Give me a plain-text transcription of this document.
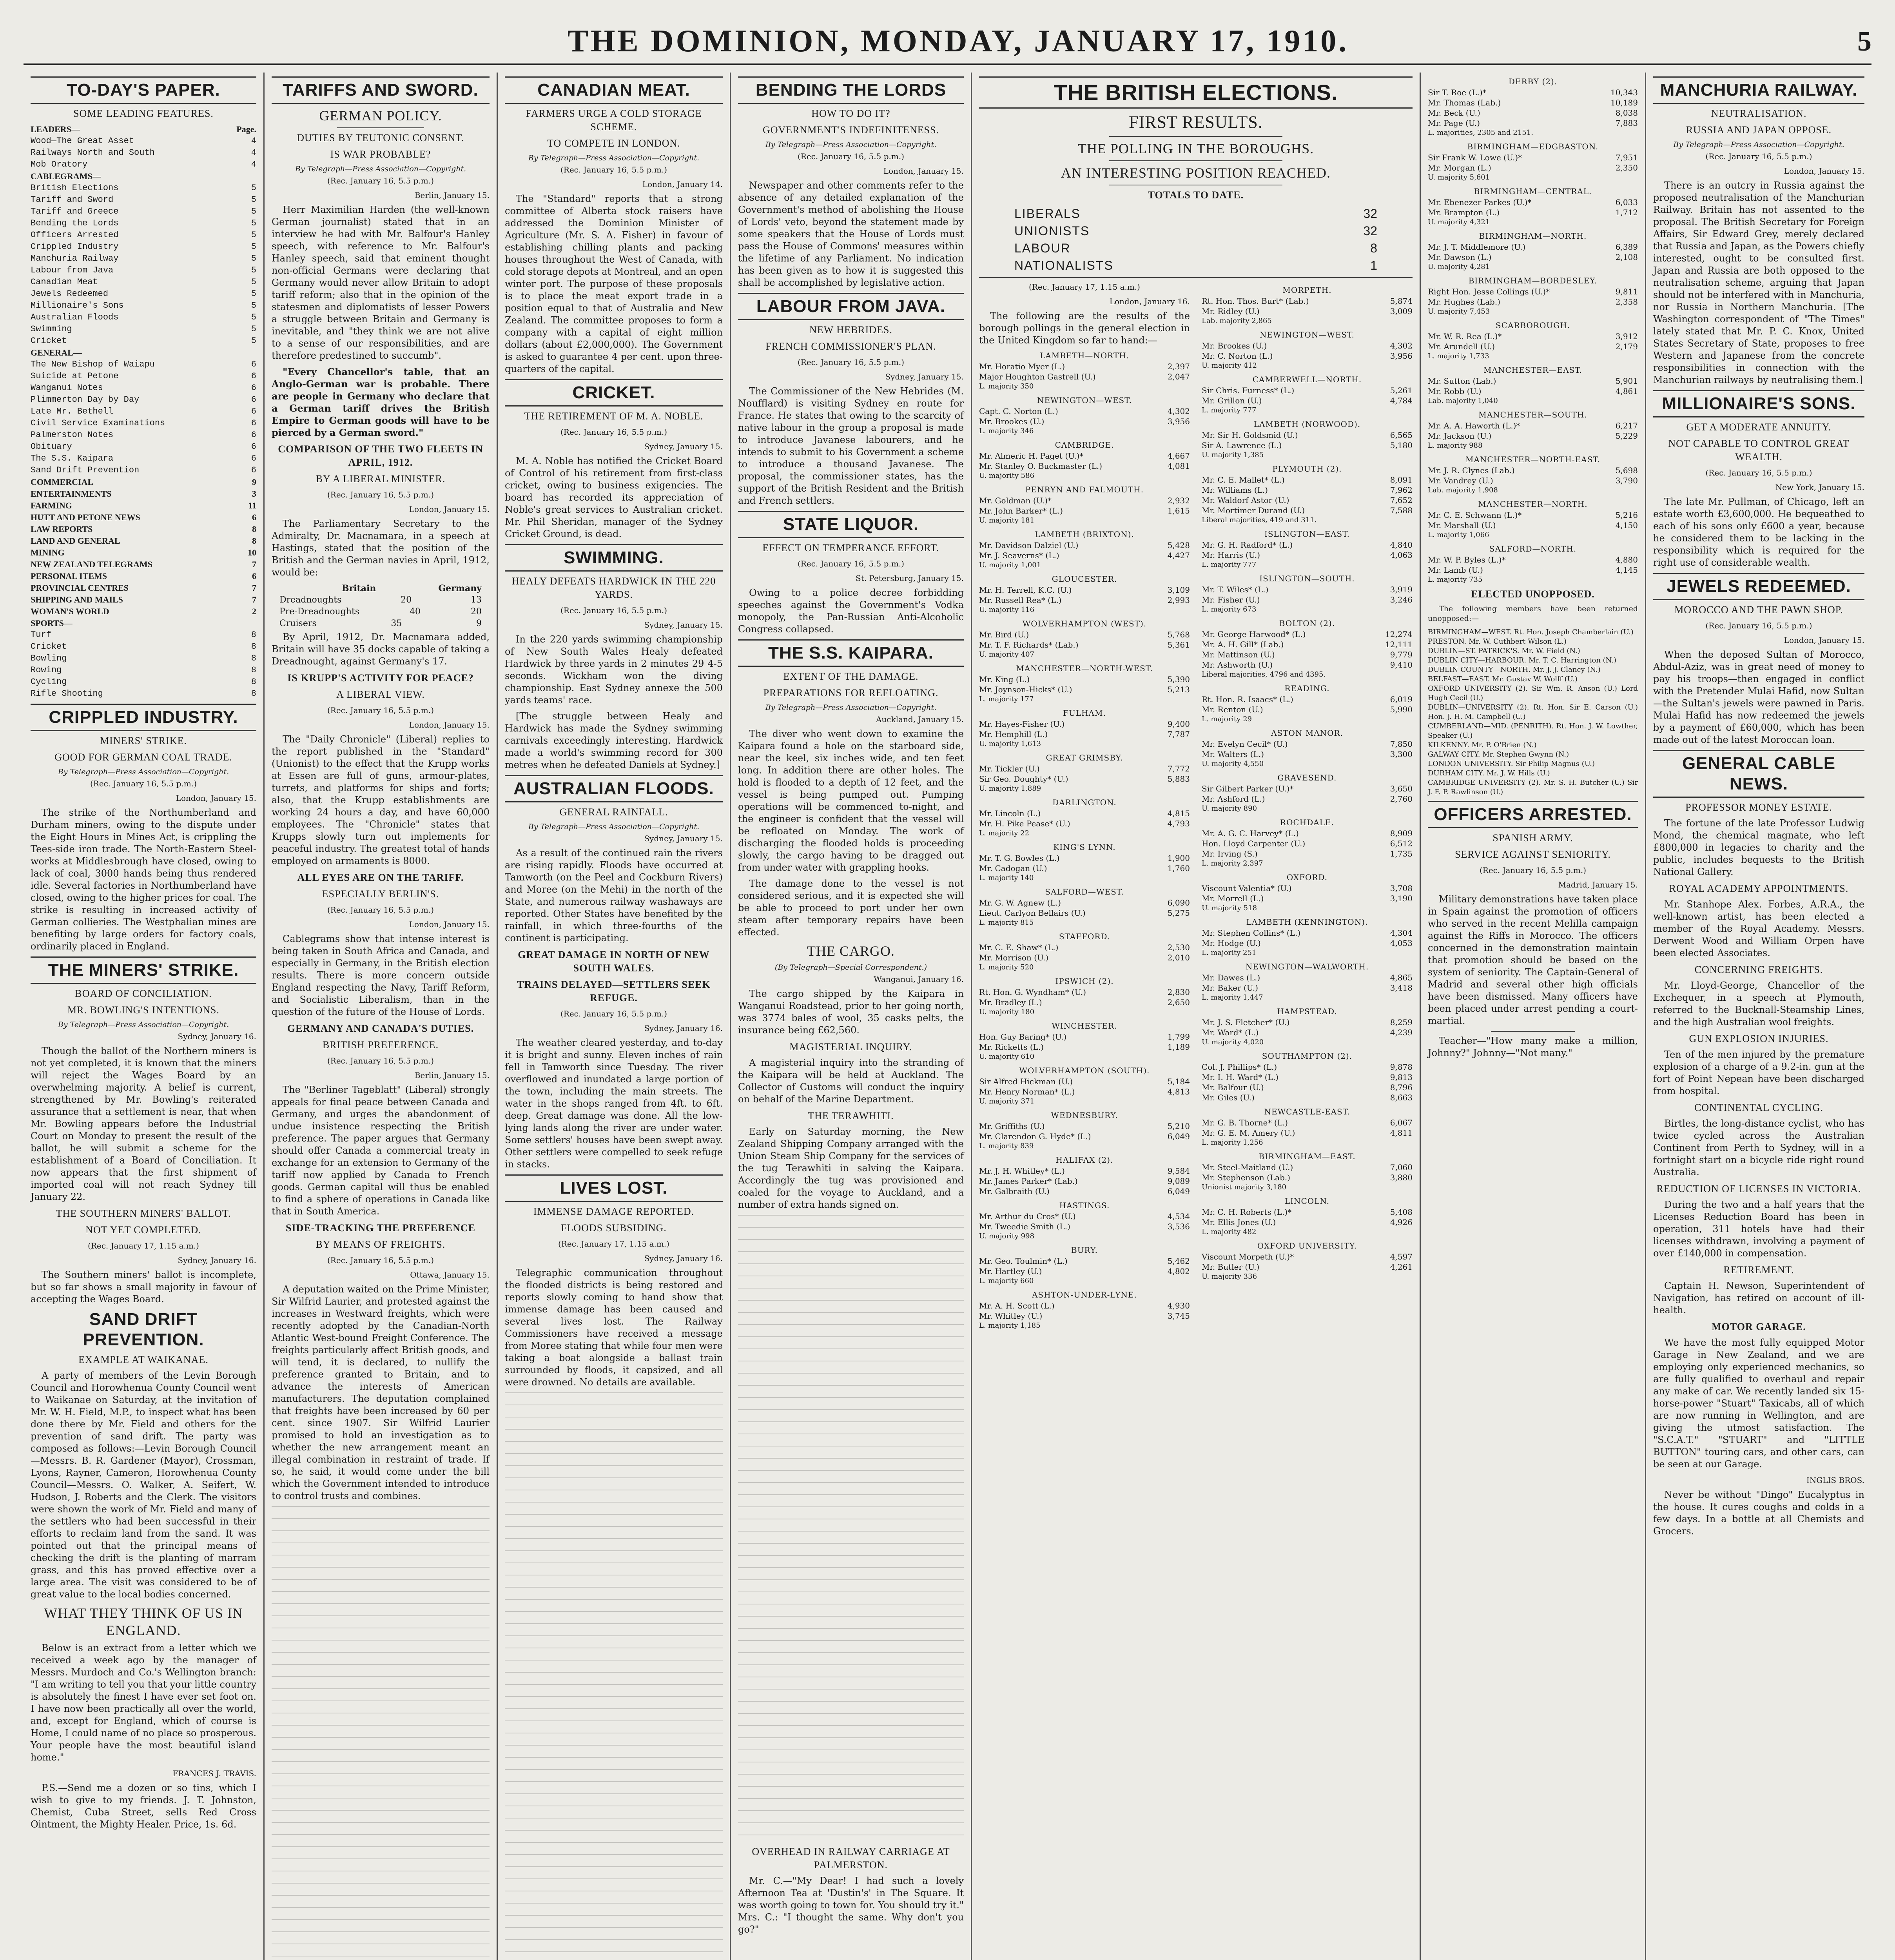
THE DOMINION, MONDAY, JANUARY 17, 1910.	5
TO-DAY'S PAPER.
SOME LEADING FEATURES.
LEADERS—	Page.
Wood—The Great Asset	4
Railways North and South	4
Mob Oratory	4
CABLEGRAMS—
British Elections	5
Tariff and Sword	5
Tariff and Greece	5
Bending the Lords	5
Officers Arrested	5
Crippled Industry	5
Manchuria Railway	5
Labour from Java	5
Canadian Meat	5
Jewels Redeemed	5
Millionaire's Sons	5
Australian Floods	5
Swimming	5
Cricket	5
GENERAL—
The New Bishop of Waiapu	6
Suicide at Petone	6
Wanganui Notes	6
Plimmerton Day by Day	6
Late Mr. Bethell	6
Civil Service Examinations	6
Palmerston Notes	6
Obituary	6
The S.S. Kaipara	6
Sand Drift Prevention	6
COMMERCIAL	9
ENTERTAINMENTS	3
FARMING	11
HUTT AND PETONE NEWS	6
LAW REPORTS	8
LAND AND GENERAL	8
MINING	10
NEW ZEALAND TELEGRAMS	7
PERSONAL ITEMS	6
PROVINCIAL CENTRES	7
SHIPPING AND MAILS	7
WOMAN'S WORLD	2
SPORTS—
Turf	8
Cricket	8
Bowling	8
Rowing	8
Cycling	8
Rifle Shooting	8
CRIPPLED INDUSTRY.
MINERS' STRIKE.
GOOD FOR GERMAN COAL TRADE.
By Telegraph—Press Association—Copyright.
(Rec. January 16, 5.5 p.m.)
London, January 15.

The strike of the Northumberland and Durham miners, owing to the dispute under the Eight Hours in Mines Act, is crippling the Tees-side iron trade. The North-Eastern Steel-works at Middlesbrough have closed, owing to lack of coal, 3000 hands being thus rendered idle. Several factories in Northumberland have closed, owing to the higher prices for coal. The strike is resulting in increased activity of German collieries. The Westphalian mines are benefiting by large orders for factory coals, ordinarily placed in England.

THE MINERS' STRIKE.
BOARD OF CONCILIATION.
MR. BOWLING'S INTENTIONS.
By Telegraph—Press Association—Copyright.
Sydney, January 16.

Though the ballot of the Northern miners is not yet completed, it is known that the miners will reject the Wages Board by an overwhelming majority. A belief is current, strengthened by Mr. Bowling's reiterated assurance that a settlement is near, that when Mr. Bowling appears before the Industrial Court on Monday to present the result of the ballot, he will submit a scheme for the establishment of a Board of Conciliation. It now appears that the first shipment of imported coal will not reach Sydney till January 22.

THE SOUTHERN MINERS' BALLOT.
NOT YET COMPLETED.
(Rec. January 17, 1.15 a.m.)
Sydney, January 16.

The Southern miners' ballot is incomplete, but so far shows a small majority in favour of accepting the Wages Board.

SAND DRIFT PREVENTION.
EXAMPLE AT WAIKANAE.

A party of members of the Levin Borough Council and Horowhenua County Council went to Waikanae on Saturday, at the invitation of Mr. W. H. Field, M.P., to inspect what has been done there by Mr. Field and others for the prevention of sand drift. The party was composed as follows:—Levin Borough Council—Messrs. B. R. Gardener (Mayor), Crossman, Lyons, Rayner, Cameron, Horowhenua County Council—Messrs. O. Walker, A. Seifert, W. Hudson, J. Roberts and the Clerk. The visitors were shown the work of Mr. Field and many of the settlers who had been successful in their efforts to reclaim land from the sand. It was pointed out that the principal means of checking the drift is the planting of marram grass, and this has proved effective over a large area. The visit was considered to be of great value to the local bodies concerned.

WHAT THEY THINK OF US IN ENGLAND.

Below is an extract from a letter which we received a week ago by the manager of Messrs. Murdoch and Co.'s Wellington branch: "I am writing to tell you that your little country is absolutely the finest I have ever set foot on. I have now been practically all over the world, and, except for England, which of course is Home, I could name of no place so prosperous. Your people have the most beautiful island home."

FRANCES J. TRAVIS.

P.S.—Send me a dozen or so tins, which I wish to give to my friends. J. T. Johnston, Chemist, Cuba Street, sells Red Cross Ointment, the Mighty Healer. Price, 1s. 6d.

TARIFFS AND SWORD.
GERMAN POLICY.
DUTIES BY TEUTONIC CONSENT.
IS WAR PROBABLE?
By Telegraph—Press Association—Copyright.
(Rec. January 16, 5.5 p.m.)
Berlin, January 15.

Herr Maximilian Harden (the well-known German journalist) stated that in an interview he had with Mr. Balfour's Hanley speech, with reference to Mr. Balfour's Hanley speech, said that eminent thought non-official Germans were declaring that Germany would never allow Britain to adopt tariff reform; also that in the opinion of the statesmen and diplomatists of lesser Powers a struggle between Britain and Germany is inevitable, and "they think we are not alive to a sense of our responsibilities, and are therefore predestined to succumb".

"Every Chancellor's table, that an Anglo-German war is probable. There are people in Germany who declare that a German tariff drives the British Empire to German goods will have to be pierced by a German sword."

COMPARISON OF THE TWO FLEETS IN APRIL, 1912.
BY A LIBERAL MINISTER.
(Rec. January 16, 5.5 p.m.)
London, January 15.

The Parliamentary Secretary to the Admiralty, Dr. Macnamara, in a speech at Hastings, stated that the position of the British and the German navies in April, 1912, would be:

Britain	Germany
Dreadnoughts	20	13
Pre-Dreadnoughts	40	20
Cruisers	35	9

By April, 1912, Dr. Macnamara added, Britain will have 35 docks capable of taking a Dreadnought, against Germany's 17.

IS KRUPP'S ACTIVITY FOR PEACE?
A LIBERAL VIEW.
(Rec. January 16, 5.5 p.m.)
London, January 15.

The "Daily Chronicle" (Liberal) replies to the report published in the "Standard" (Unionist) to the effect that the Krupp works at Essen are full of guns, armour-plates, turrets, and platforms for ships and forts; also, that the Krupp establishments are working 24 hours a day, and have 60,000 employees. The "Chronicle" states that Krupps slowly turn out implements for peaceful industry. The greatest total of hands employed on armaments is 8000.

ALL EYES ARE ON THE TARIFF.
ESPECIALLY BERLIN'S.
(Rec. January 16, 5.5 p.m.)
London, January 15.

Cablegrams show that intense interest is being taken in South Africa and Canada, and especially in Germany, in the British election results. There is more concern outside England respecting the Navy, Tariff Reform, and Socialistic Liberalism, than in the question of the future of the House of Lords.

GERMANY AND CANADA'S DUTIES.
BRITISH PREFERENCE.
(Rec. January 16, 5.5 p.m.)
Berlin, January 15.

The "Berliner Tageblatt" (Liberal) strongly appeals for final peace between Canada and Germany, and urges the abandonment of undue insistence respecting the British preference. The paper argues that Germany should offer Canada a commercial treaty in exchange for an extension to Germany of the tariff now applied by Canada to French goods. German capital will thus be enabled to find a sphere of operations in Canada like that in South America.

SIDE-TRACKING THE PREFERENCE
BY MEANS OF FREIGHTS.
(Rec. January 16, 5.5 p.m.)
Ottawa, January 15.

A deputation waited on the Prime Minister, Sir Wilfrid Laurier, and protested against the increases in Westward freights, which were recently adopted by the Canadian-North Atlantic West-bound Freight Conference. The freights particularly affect British goods, and will tend, it is declared, to nullify the preference granted to Britain, and to advance the interests of American manufacturers. The deputation complained that freights have been increased by 60 per cent. since 1907. Sir Wilfrid Laurier promised to hold an investigation as to whether the new arrangement meant an illegal combination in restraint of trade. If so, he said, it would come under the bill which the Government intended to introduce to control trusts and combines.

CANADIAN MEAT.
FARMERS URGE A COLD STORAGE SCHEME.
TO COMPETE IN LONDON.
By Telegraph—Press Association—Copyright.
(Rec. January 16, 5.5 p.m.)
London, January 14.

The "Standard" reports that a strong committee of Alberta stock raisers have addressed the Dominion Minister of Agriculture (Mr. S. A. Fisher) in favour of establishing chilling plants and packing houses throughout the West of Canada, with cold storage depots at Montreal, and an open winter port. The purpose of these proposals is to place the meat export trade in a position equal to that of Australia and New Zealand. The committee proposes to form a company with a capital of eight million dollars (about £2,000,000). The Government is asked to guarantee 4 per cent. upon three-quarters of the capital.

CRICKET.
THE RETIREMENT OF M. A. NOBLE.
(Rec. January 16, 5.5 p.m.)
Sydney, January 15.

M. A. Noble has notified the Cricket Board of Control of his retirement from first-class cricket, owing to business exigencies. The board has recorded its appreciation of Noble's great services to Australian cricket. Mr. Phil Sheridan, manager of the Sydney Cricket Ground, is dead.

SWIMMING.
HEALY DEFEATS HARDWICK IN THE 220 YARDS.
(Rec. January 16, 5.5 p.m.)
Sydney, January 15.

In the 220 yards swimming championship of New South Wales Healy defeated Hardwick by three yards in 2 minutes 29 4-5 seconds. Wickham won the diving championship. East Sydney annexe the 500 yards teams' race.

[The struggle between Healy and Hardwick has made the Sydney swimming carnivals exceedingly interesting. Hardwick made a world's swimming record for 300 metres when he defeated Daniels at Sydney.]

AUSTRALIAN FLOODS.
GENERAL RAINFALL.
By Telegraph—Press Association—Copyright.
Sydney, January 15.

As a result of the continued rain the rivers are rising rapidly. Floods have occurred at Tamworth (on the Peel and Cockburn Rivers) and Moree (on the Mehi) in the north of the State, and numerous railway washaways are reported. Other States have benefited by the rainfall, in which three-fourths of the continent is participating.

GREAT DAMAGE IN NORTH OF NEW SOUTH WALES.
TRAINS DELAYED—SETTLERS SEEK REFUGE.
(Rec. January 16, 5.5 p.m.)
Sydney, January 16.

The weather cleared yesterday, and to-day it is bright and sunny. Eleven inches of rain fell in Tamworth since Tuesday. The river overflowed and inundated a large portion of the town, including the main streets. The water in the shops ranged from 4ft. to 6ft. deep. Great damage was done. All the low-lying lands along the river are under water. Some settlers' houses have been swept away. Other settlers were compelled to seek refuge in stacks.

LIVES LOST.
IMMENSE DAMAGE REPORTED.
FLOODS SUBSIDING.
(Rec. January 17, 1.15 a.m.)
Sydney, January 16.

Telegraphic communication throughout the flooded districts is being restored and reports slowly coming to hand show that immense damage has been caused and several lives lost. The Railway Commissioners have received a message from Moree stating that while four men were taking a boat alongside a ballast train surrounded by floods, it capsized, and all were drowned. No details are available.

BENDING THE LORDS
HOW TO DO IT?
GOVERNMENT'S INDEFINITENESS.
By Telegraph—Press Association—Copyright.
(Rec. January 16, 5.5 p.m.)
London, January 15.

Newspaper and other comments refer to the absence of any detailed explanation of the Government's method of abolishing the House of Lords' veto, beyond the statement made by some speakers that the House of Lords must pass the House of Commons' measures within the lifetime of any Parliament. No indication has been given as to how it is suggested this shall be accomplished by legislative action.

LABOUR FROM JAVA.
NEW HEBRIDES.
FRENCH COMMISSIONER'S PLAN.
(Rec. January 16, 5.5 p.m.)
Sydney, January 15.

The Commissioner of the New Hebrides (M. Noufflard) is visiting Sydney en route for France. He states that owing to the scarcity of native labour in the group a proposal is made to introduce Javanese labourers, and he intends to submit to his Government a scheme to introduce a thousand Javanese. The proposal, the commissioner states, has the support of the British Resident and the British and French settlers.

STATE LIQUOR.
EFFECT ON TEMPERANCE EFFORT.
(Rec. January 16, 5.5 p.m.)
St. Petersburg, January 15.

Owing to a police decree forbidding speeches against the Government's Vodka monopoly, the Pan-Russian Anti-Alcoholic Congress collapsed.

THE S.S. KAIPARA.
EXTENT OF THE DAMAGE.
PREPARATIONS FOR REFLOATING.
By Telegraph—Press Association—Copyright.
Auckland, January 15.

The diver who went down to examine the Kaipara found a hole on the starboard side, near the keel, six inches wide, and ten feet long. In addition there are other holes. The hold is flooded to a depth of 12 feet, and the vessel is being pumped out. Pumping operations will be commenced to-night, and the engineer is confident that the vessel will be refloated on Monday. The work of discharging the flooded holds is proceeding slowly, the cargo having to be dragged out from under water with grappling hooks.

The damage done to the vessel is not considered serious, and it is expected she will be able to proceed to port under her own steam after temporary repairs have been effected.

THE CARGO.
(By Telegraph—Special Correspondent.)
Wanganui, January 16.

The cargo shipped by the Kaipara in Wanganui Roadstead, prior to her going north, was 3774 bales of wool, 35 casks pelts, the insurance being £62,560.

MAGISTERIAL INQUIRY.

A magisterial inquiry into the stranding of the Kaipara will be held at Auckland. The Collector of Customs will conduct the inquiry on behalf of the Marine Department.

THE TERAWHITI.

Early on Saturday morning, the New Zealand Shipping Company arranged with the Union Steam Ship Company for the services of the tug Terawhiti in salving the Kaipara. Accordingly the tug was provisioned and coaled for the voyage to Auckland, and a number of extra hands signed on.

OVERHEAD IN RAILWAY CARRIAGE AT PALMERSTON.

Mr. C.—"My Dear! I had such a lovely Afternoon Tea at 'Dustin's' in The Square. It was worth going to town for. You should try it." Mrs. C.: "I thought the same. Why don't you go?"

THE BRITISH ELECTIONS.
FIRST RESULTS.
THE POLLING IN THE BOROUGHS.
AN INTERESTING POSITION REACHED.
TOTALS TO DATE.
LIBERALS	32
UNIONISTS	32
LABOUR	8
NATIONALISTS	1
(Rec. January 17, 1.15 a.m.)
London, January 16.

The following are the results of the borough pollings in the general election in the United Kingdom so far to hand:—

LAMBETH—NORTH.
Mr. Horatio Myer (L.)	2,397
Major Houghton Gastrell (U.)	2,047
L. majority 350
NEWINGTON—WEST.
Capt. C. Norton (L.)	4,302
Mr. Brookes (U.)	3,956
L. majority 346
CAMBRIDGE.
Mr. Almeric H. Paget (U.)*	4,667
Mr. Stanley O. Buckmaster (L.)	4,081
U. majority 586
PENRYN AND FALMOUTH.
Mr. Goldman (U.)*	2,932
Mr. John Barker* (L.)	1,615
U. majority 181
LAMBETH (BRIXTON).
Mr. Davidson Dalziel (U.)	5,428
Mr. J. Seaverns* (L.)	4,427
U. majority 1,001
GLOUCESTER.
Mr. H. Terrell, K.C. (U.)	3,109
Mr. Russell Rea* (L.)	2,993
U. majority 116
WOLVERHAMPTON (WEST).
Mr. Bird (U.)	5,768
Mr. T. F. Richards* (Lab.)	5,361
U. majority 407
MANCHESTER—NORTH-WEST.
Mr. King (L.)	5,390
Mr. Joynson-Hicks* (U.)	5,213
L. majority 177
FULHAM.
Mr. Hayes-Fisher (U.)	9,400
Mr. Hemphill (L.)	7,787
U. majority 1,613
GREAT GRIMSBY.
Mr. Tickler (U.)	7,772
Sir Geo. Doughty* (U.)	5,883
U. majority 1,889
DARLINGTON.
Mr. Lincoln (L.)	4,815
Mr. H. Pike Pease* (U.)	4,793
L. majority 22
KING'S LYNN.
Mr. T. G. Bowles (L.)	1,900
Mr. Cadogan (U.)	1,760
L. majority 140
SALFORD—WEST.
Mr. G. W. Agnew (L.)	6,090
Lieut. Carlyon Bellairs (U.)	5,275
L. majority 815
STAFFORD.
Mr. C. E. Shaw* (L.)	2,530
Mr. Morrison (U.)	2,010
L. majority 520
IPSWICH (2).
Rt. Hon. G. Wyndham* (U.)	2,830
Mr. Bradley (L.)	2,650
U. majority 180
WINCHESTER.
Hon. Guy Baring* (U.)	1,799
Mr. Ricketts (L.)	1,189
U. majority 610
WOLVERHAMPTON (SOUTH).
Sir Alfred Hickman (U.)	5,184
Mr. Henry Norman* (L.)	4,813
U. majority 371
WEDNESBURY.
Mr. Griffiths (U.)	5,210
Mr. Clarendon G. Hyde* (L.)	6,049
L. majority 839
HALIFAX (2).
Mr. J. H. Whitley* (L.)	9,584
Mr. James Parker* (Lab.)	9,089
Mr. Galbraith (U.)	6,049
HASTINGS.
Mr. Arthur du Cros* (U.)	4,534
Mr. Tweedie Smith (L.)	3,536
U. majority 998
BURY.
Mr. Geo. Toulmin* (L.)	5,462
Mr. Hartley (U.)	4,802
L. majority 660
ASHTON-UNDER-LYNE.
Mr. A. H. Scott (L.)	4,930
Mr. Whitley (U.)	3,745
L. majority 1,185
MORPETH.
Rt. Hon. Thos. Burt* (Lab.)	5,874
Mr. Ridley (U.)	3,009
Lab. majority 2,865
NEWINGTON—WEST.
Mr. Brookes (U.)	4,302
Mr. C. Norton (L.)	3,956
U. majority 412
CAMBERWELL—NORTH.
Sir Chris. Furness* (L.)	5,261
Mr. Grillon (U.)	4,784
L. majority 777
LAMBETH (NORWOOD).
Mr. Sir H. Goldsmid (U.)	6,565
Sir A. Lawrence (L.)	5,180
U. majority 1,385
PLYMOUTH (2).
Mr. C. E. Mallet* (L.)	8,091
Mr. Williams (L.)	7,962
Mr. Waldorf Astor (U.)	7,652
Mr. Mortimer Durand (U.)	7,588
Liberal majorities, 419 and 311.
ISLINGTON—EAST.
Mr. G. H. Radford* (L.)	4,840
Mr. Harris (U.)	4,063
L. majority 777
ISLINGTON—SOUTH.
Mr. T. Wiles* (L.)	3,919
Mr. Fisher (U.)	3,246
L. majority 673
BOLTON (2).
Mr. George Harwood* (L.)	12,274
Mr. A. H. Gill* (Lab.)	12,111
Mr. Mattinson (U.)	9,779
Mr. Ashworth (U.)	9,410
Liberal majorities, 4796 and 4395.
READING.
Rt. Hon. R. Isaacs* (L.)	6,019
Mr. Renton (U.)	5,990
L. majority 29
ASTON MANOR.
Mr. Evelyn Cecil* (U.)	7,850
Mr. Walters (L.)	3,300
U. majority 4,550
GRAVESEND.
Sir Gilbert Parker (U.)*	3,650
Mr. Ashford (L.)	2,760
U. majority 890
ROCHDALE.
Mr. A. G. C. Harvey* (L.)	8,909
Hon. Lloyd Carpenter (U.)	6,512
Mr. Irving (S.)	1,735
L. majority 2,397
OXFORD.
Viscount Valentia* (U.)	3,708
Mr. Morrell (L.)	3,190
U. majority 518
LAMBETH (KENNINGTON).
Mr. Stephen Collins* (L.)	4,304
Mr. Hodge (U.)	4,053
L. majority 251
NEWINGTON—WALWORTH.
Mr. Dawes (L.)	4,865
Mr. Baker (U.)	3,418
L. majority 1,447
HAMPSTEAD.
Mr. J. S. Fletcher* (U.)	8,259
Mr. Ward* (L.)	4,239
U. majority 4,020
SOUTHAMPTON (2).
Col. J. Phillips* (L.)	9,878
Mr. I. H. Ward* (L.)	9,813
Mr. Balfour (U.)	8,796
Mr. Giles (U.)	8,663
NEWCASTLE-EAST.
Mr. G. B. Thorne* (L.)	6,067
Mr. G. E. M. Amery (U.)	4,811
L. majority 1,256
BIRMINGHAM—EAST.
Mr. Steel-Maitland (U.)	7,060
Mr. Stephenson (Lab.)	3,880
Unionist majority 3,180
LINCOLN.
Mr. C. H. Roberts (L.)*	5,408
Mr. Ellis Jones (U.)	4,926
L. majority 482
OXFORD UNIVERSITY.
Viscount Morpeth (U.)*	4,597
Mr. Butler (U.)	4,261
U. majority 336
DERBY (2).
Sir T. Roe (L.)*	10,343
Mr. Thomas (Lab.)	10,189
Mr. Beck (U.)	8,038
Mr. Page (U.)	7,883
L. majorities, 2305 and 2151.
BIRMINGHAM—EDGBASTON.
Sir Frank W. Lowe (U.)*	7,951
Mr. Morgan (L.)	2,350
U. majority 5,601
BIRMINGHAM—CENTRAL.
Mr. Ebenezer Parkes (U.)*	6,033
Mr. Brampton (L.)	1,712
U. majority 4,321
BIRMINGHAM—NORTH.
Mr. J. T. Middlemore (U.)	6,389
Mr. Dawson (L.)	2,108
U. majority 4,281
BIRMINGHAM—BORDESLEY.
Right Hon. Jesse Collings (U.)*	9,811
Mr. Hughes (Lab.)	2,358
U. majority 7,453
SCARBOROUGH.
Mr. W. R. Rea (L.)*	3,912
Mr. Arundell (U.)	2,179
L. majority 1,733
MANCHESTER—EAST.
Mr. Sutton (Lab.)	5,901
Mr. Robb (U.)	4,861
Lab. majority 1,040
MANCHESTER—SOUTH.
Mr. A. A. Haworth (L.)*	6,217
Mr. Jackson (U.)	5,229
L. majority 988
MANCHESTER—NORTH-EAST.
Mr. J. R. Clynes (Lab.)	5,698
Mr. Vandrey (U.)	3,790
Lab. majority 1,908
MANCHESTER—NORTH.
Mr. C. E. Schwann (L.)*	5,216
Mr. Marshall (U.)	4,150
L. majority 1,066
SALFORD—NORTH.
Mr. W. P. Byles (L.)*	4,880
Mr. Lamb (U.)	4,145
L. majority 735
ELECTED UNOPPOSED.

The following members have been returned unopposed:—

BIRMINGHAM—WEST. Rt. Hon. Joseph Chamberlain (U.)
PRESTON. Mr. W. Cuthbert Wilson (L.)
DUBLIN—ST. PATRICK'S. Mr. W. Field (N.)
DUBLIN CITY—HARBOUR. Mr. T. C. Harrington (N.)
DUBLIN COUNTY—NORTH. Mr. J. J. Clancy (N.)
BELFAST—EAST. Mr. Gustav W. Wolff (U.)
OXFORD UNIVERSITY (2). Sir Wm. R. Anson (U.) Lord Hugh Cecil (U.)
DUBLIN—UNIVERSITY (2). Rt. Hon. Sir E. Carson (U.) Hon. J. H. M. Campbell (U.)
CUMBERLAND—MID. (PENRITH). Rt. Hon. J. W. Lowther, Speaker (U.)
KILKENNY. Mr. P. O'Brien (N.)
GALWAY CITY. Mr. Stephen Gwynn (N.)
LONDON UNIVERSITY. Sir Philip Magnus (U.)
DURHAM CITY. Mr. J. W. Hills (U.)
CAMBRIDGE UNIVERSITY (2). Mr. S. H. Butcher (U.) Sir J. F. P. Rawlinson (U.)
OFFICERS ARRESTED.
SPANISH ARMY.
SERVICE AGAINST SENIORITY.
(Rec. January 16, 5.5 p.m.)
Madrid, January 15.

Military demonstrations have taken place in Spain against the promotion of officers who served in the recent Melilla campaign against the Riffs in Morocco. The officers concerned in the demonstration maintain that promotion should be based on the system of seniority. The Captain-General of Madrid and several other high officials have been dismissed. Many officers have been placed under arrest pending a court-martial.

Teacher—"How many make a million, Johnny?" Johnny—"Not many."

MANCHURIA RAILWAY.
NEUTRALISATION.
RUSSIA AND JAPAN OPPOSE.
By Telegraph—Press Association—Copyright.
(Rec. January 16, 5.5 p.m.)
London, January 15.

There is an outcry in Russia against the proposed neutralisation of the Manchurian Railway. Britain has not assented to the proposal. The British Secretary for Foreign Affairs, Sir Edward Grey, merely declared that Russia and Japan, as the Powers chiefly interested, ought to be consulted first. Japan and Russia are both opposed to the neutralisation scheme, arguing that Japan should not be interfered with in Manchuria, nor Russia in Northern Manchuria. [The Washington correspondent of "The Times" lately stated that Mr. P. C. Knox, United States Secretary of State, proposes to free Western and Japanese from the concrete responsibilities in connection with the Manchurian railways by neutralising them.]

MILLIONAIRE'S SONS.
GET A MODERATE ANNUITY.
NOT CAPABLE TO CONTROL GREAT WEALTH.
(Rec. January 16, 5.5 p.m.)
New York, January 15.

The late Mr. Pullman, of Chicago, left an estate worth £3,600,000. He bequeathed to each of his sons only £600 a year, because he considered them to be lacking in the responsibility which is required for the right use of considerable wealth.

JEWELS REDEEMED.
MOROCCO AND THE PAWN SHOP.
(Rec. January 16, 5.5 p.m.)
London, January 15.

When the deposed Sultan of Morocco, Abdul-Aziz, was in great need of money to pay his troops—then engaged in conflict with the Pretender Mulai Hafid, now Sultan—the Sultan's jewels were pawned in Paris. Mulai Hafid has now redeemed the jewels by a payment of £60,000, which has been made out of the latest Moroccan loan.

GENERAL CABLE NEWS.
PROFESSOR MONEY ESTATE.

The fortune of the late Professor Ludwig Mond, the chemical magnate, who left £800,000 in legacies to charity and the public, includes bequests to the British National Gallery.

ROYAL ACADEMY APPOINTMENTS.

Mr. Stanhope Alex. Forbes, A.R.A., the well-known artist, has been elected a member of the Royal Academy. Messrs. Derwent Wood and William Orpen have been elected Associates.

CONCERNING FREIGHTS.

Mr. Lloyd-George, Chancellor of the Exchequer, in a speech at Plymouth, referred to the Bucknall-Steamship Lines, and the high Australian wool freights.

GUN EXPLOSION INJURIES.

Ten of the men injured by the premature explosion of a charge of a 9.2-in. gun at the fort of Point Nepean have been discharged from hospital.

CONTINENTAL CYCLING.

Birtles, the long-distance cyclist, who has twice cycled across the Australian Continent from Perth to Sydney, will in a fortnight start on a bicycle ride right round Australia.

REDUCTION OF LICENSES IN VICTORIA.

During the two and a half years that the Licenses Reduction Board has been in operation, 311 hotels have had their licenses withdrawn, involving a payment of over £140,000 in compensation.

RETIREMENT.

Captain H. Newson, Superintendent of Navigation, has retired on account of ill-health.

MOTOR GARAGE.

We have the most fully equipped Motor Garage in New Zealand, and we are employing only experienced mechanics, so are fully qualified to overhaul and repair any make of car. We recently landed six 15-horse-power "Stuart" Taxicabs, all of which are now running in Wellington, and are giving the utmost satisfaction. The "S.C.A.T." "STUART" and "LITTLE BUTTON" touring cars, and other cars, can be seen at our Garage.

INGLIS BROS.

Never be without "Dingo" Eucalyptus in the house. It cures coughs and colds in a few days. In a bottle at all Chemists and Grocers.
